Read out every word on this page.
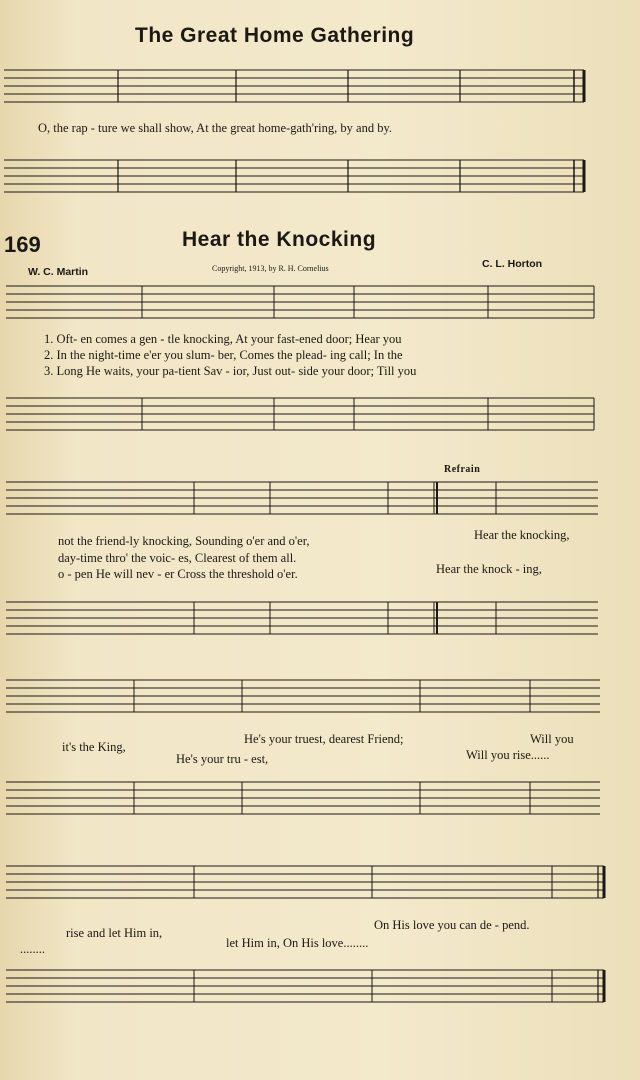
The Great Home Gathering
O, the rap - ture we shall show, At the great home-gath'ring, by and by.
169	Hear the Knocking
W. C. Martin	Copyright, 1913, by R. H. Cornelius	C. L. Horton
1. Oft- en comes a gen - tle knocking, At your fast-ened door; Hear you
2. In the night-time e'er you slum- ber, Comes the plead- ing call; In the
3. Long He waits, your pa-tient Sav - ior, Just out- side your door; Till you
Refrain
not the friend-ly knocking, Sounding o'er and o'er,	Hear the knocking,
day-time thro' the voic- es, Clearest of them all.
o - pen He will nev - er Cross the threshold o'er.	Hear the knock - ing,
it's the King,
He's your truest, dearest Friend;	Will you
He's your tru - est,	Will you rise......
rise and let Him in,
On His love you can de - pend.
........	let Him in, On His love........
